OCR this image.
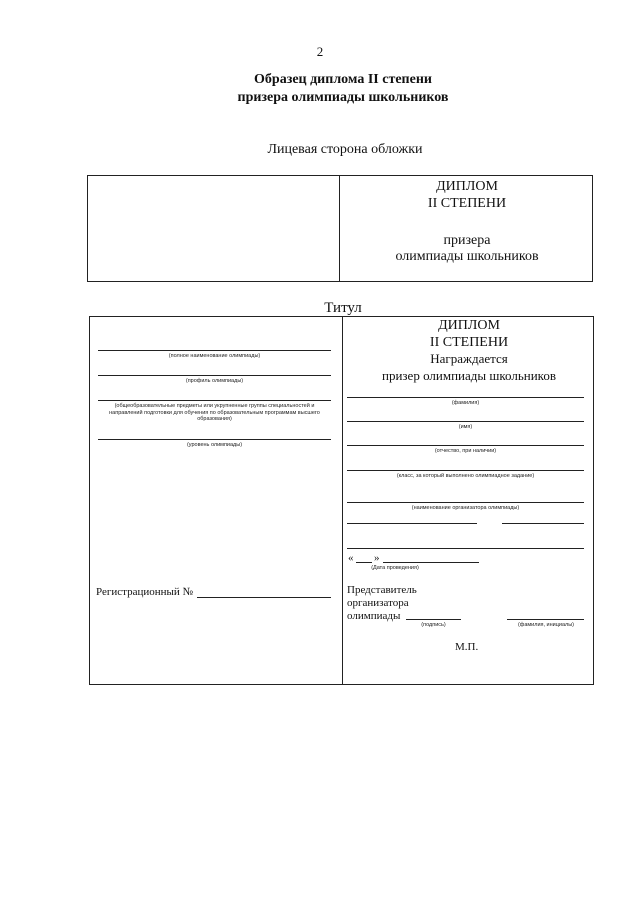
2
Образец диплома II степени
призера олимпиады школьников
Лицевая сторона обложки
ДИПЛОМ
II СТЕПЕНИ
призера
олимпиады школьников
Титул
(полное наименование олимпиады)
(профиль олимпиады)
(общеобразовательные предметы или укрупненные группы специальностей и направлений подготовки для обучения по образовательным программам высшего образования)
(уровень олимпиады)
Регистрационный №
ДИПЛОМ
II СТЕПЕНИ
Награждается
призер олимпиады школьников
(фамилия)
(имя)
(отчество, при наличии)
(класс, за который выполнено олимпиадное задание)
(наименование организатора олимпиады)
« »
(Дата проведения)
Представитель
организатора
олимпиады
(подпись)	(фамилия, инициалы)
М.П.
